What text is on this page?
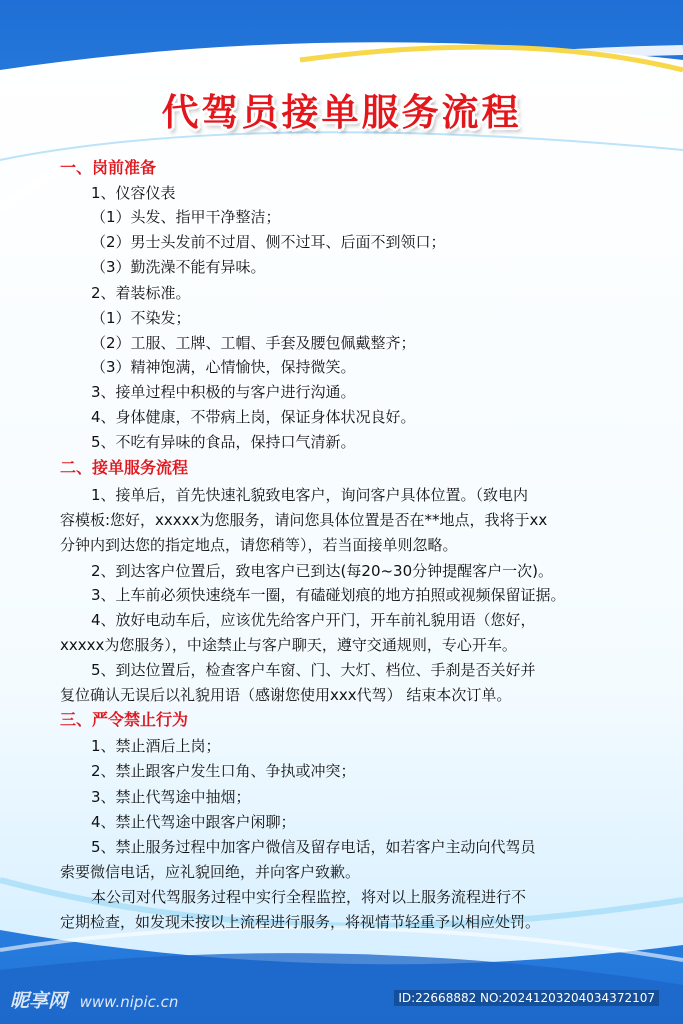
代驾员接单服务流程
一、岗前准备
1、仪容仪表
（1）头发、指甲干净整洁；
（2）男士头发前不过眉、侧不过耳、后面不到领口；
（3）勤洗澡不能有异味。
2、着装标准。
（1）不染发；
（2）工服、工牌、工帽、手套及腰包佩戴整齐；
（3）精神饱满，心情愉快，保持微笑。
3、接单过程中积极的与客户进行沟通。
4、身体健康，不带病上岗，保证身体状况良好。
5、不吃有异味的食品，保持口气清新。
二、接单服务流程
1、接单后，首先快速礼貌致电客户，询问客户具体位置。（致电内
容模板:您好，xxxxx为您服务，请问您具体位置是否在**地点，我将于xx
分钟内到达您的指定地点，请您稍等），若当面接单则忽略。
2、到达客户位置后，致电客户已到达(每20~30分钟提醒客户一次)。
3、上车前必须快速绕车一圈，有磕碰划痕的地方拍照或视频保留证据。
4、放好电动车后，应该优先给客户开门，开车前礼貌用语（您好，
xxxxx为您服务），中途禁止与客户聊天，遵守交通规则，专心开车。
5、到达位置后，检查客户车窗、门、大灯、档位、手刹是否关好并
复位确认无误后以礼貌用语（感谢您使用xxx代驾） 结束本次订单。
三、严令禁止行为
1、禁止酒后上岗；
2、禁止跟客户发生口角、争执或冲突；
3、禁止代驾途中抽烟；
4、禁止代驾途中跟客户闲聊；
5、禁止服务过程中加客户微信及留存电话，如若客户主动向代驾员
索要微信电话，应礼貌回绝，并向客户致歉。
本公司对代驾服务过程中实行全程监控，将对以上服务流程进行不
定期检查，如发现未按以上流程进行服务，将视情节轻重予以相应处罚。
昵享网 www.nipic.cn	ID:22668882 NO:20241203204034372107
